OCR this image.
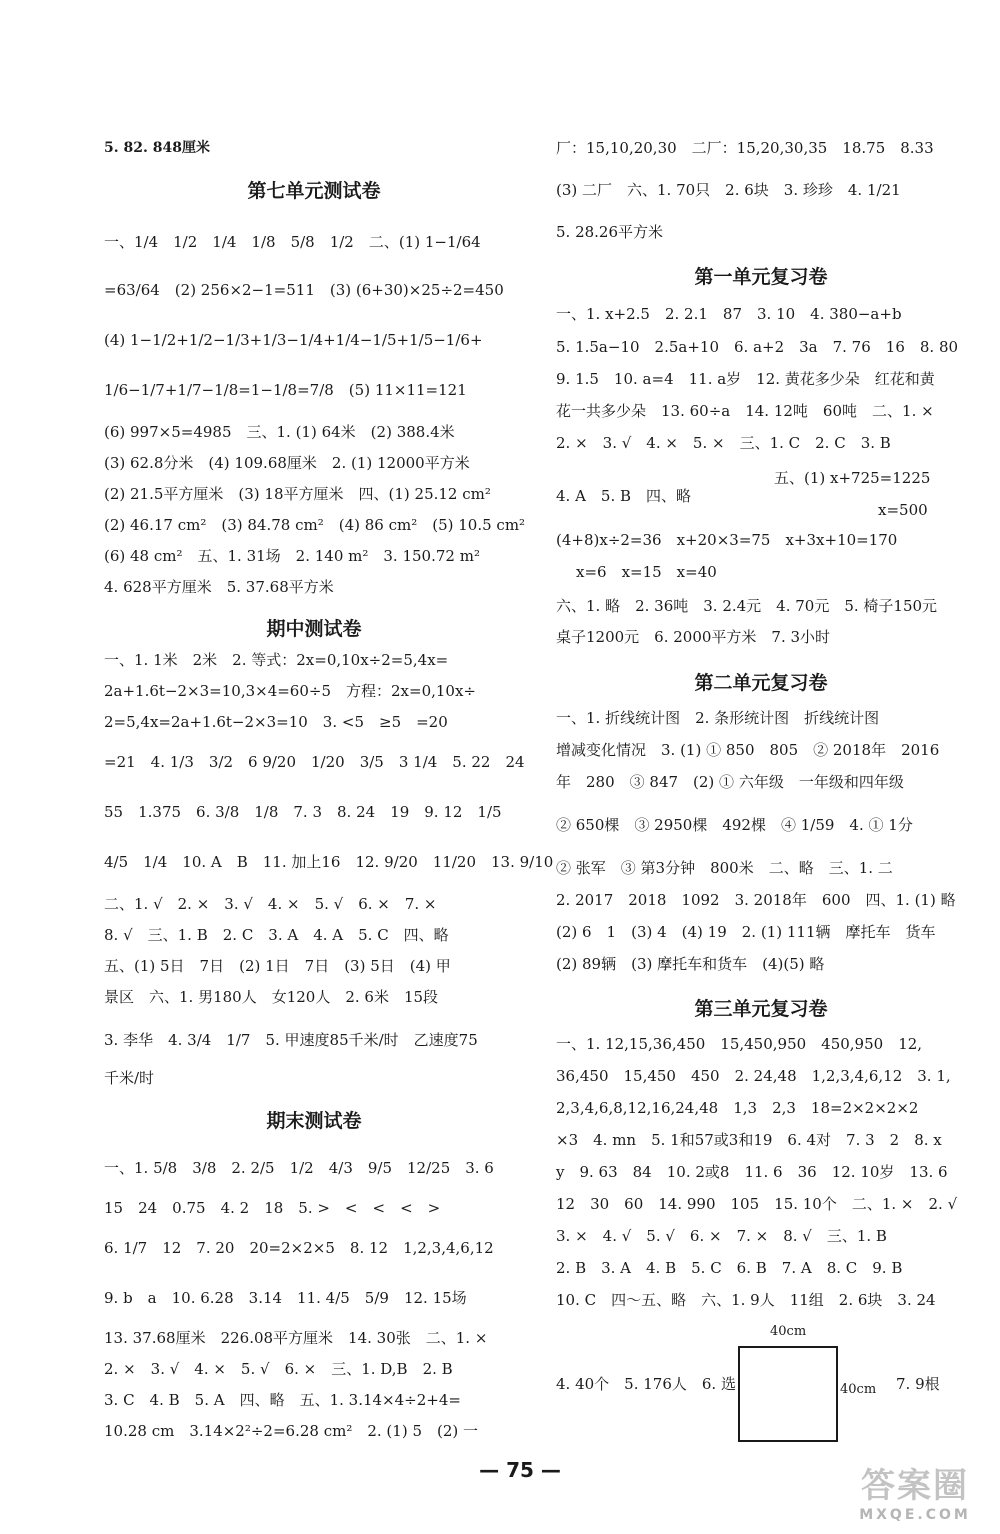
5. 82. 848厘米
第七单元测试卷
一、1/4　1/2　1/4　1/8　5/8　1/2　二、(1) 1−1/64
=63/64　(2) 256×2−1=511　(3) (6+30)×25÷2=450
(4) 1−1/2+1/2−1/3+1/3−1/4+1/4−1/5+1/5−1/6+
1/6−1/7+1/7−1/8=1−1/8=7/8　(5) 11×11=121
(6) 997×5=4985　三、1. (1) 64米　(2) 388.4米
(3) 62.8分米　(4) 109.68厘米　2. (1) 12000平方米
(2) 21.5平方厘米　(3) 18平方厘米　四、(1) 25.12 cm²
(2) 46.17 cm²　(3) 84.78 cm²　(4) 86 cm²　(5) 10.5 cm²
(6) 48 cm²　五、1. 31场　2. 140 m²　3. 150.72 m²
4. 628平方厘米　5. 37.68平方米
期中测试卷
一、1. 1米　2米　2. 等式：2x=0,10x÷2=5,4x=
2a+1.6t−2×3=10,3×4=60÷5　方程：2x=0,10x÷
2=5,4x=2a+1.6t−2×3=10　3. <5　≥5　=20
=21　4. 1/3　3/2　6 9/20　1/20　3/5　3 1/4　5. 22　24
55　1.375　6. 3/8　1/8　7. 3　8. 24　19　9. 12　1/5
4/5　1/4　10. A　B　11. 加上16　12. 9/20　11/20　13. 9/10
二、1. √　2. ×　3. √　4. ×　5. √　6. ×　7. ×
8. √　三、1. B　2. C　3. A　4. A　5. C　四、略
五、(1) 5日　7日　(2) 1日　7日　(3) 5日　(4) 甲
景区　六、1. 男180人　女120人　2. 6米　15段
3. 李华　4. 3/4　1/7　5. 甲速度85千米/时　乙速度75
千米/时
期末测试卷
一、1. 5/8　3/8　2. 2/5　1/2　4/3　9/5　12/25　3. 6
15　24　0.75　4. 2　18　5. >　<　<　<　>
6. 1/7　12　7. 20　20=2×2×5　8. 12　1,2,3,4,6,12
9. b　a　10. 6.28　3.14　11. 4/5　5/9　12. 15场
13. 37.68厘米　226.08平方厘米　14. 30张　二、1. ×
2. ×　3. √　4. ×　5. √　6. ×　三、1. D,B　2. B
3. C　4. B　5. A　四、略　五、1. 3.14×4÷2+4=
10.28 cm　3.14×2²÷2=6.28 cm²　2. (1) 5　(2) 一
厂：15,10,20,30　二厂：15,20,30,35　18.75　8.33
(3) 二厂　六、1. 70只　2. 6块　3. 珍珍　4. 1/21
5. 28.26平方米
第一单元复习卷
一、1. x+2.5　2. 2.1　87　3. 10　4. 380−a+b
5. 1.5a−10　2.5a+10　6. a+2　3a　7. 76　16　8. 80
9. 1.5　10. a=4　11. a岁　12. 黄花多少朵　红花和黄
花一共多少朵　13. 60÷a　14. 12吨　60吨　二、1. ×
2. ×　3. √　4. ×　5. ×　三、1. C　2. C　3. B
五、(1) x+725=1225
4. A　5. B　四、略
x=500
(4+8)x÷2=36　x+20×3=75　x+3x+10=170
x=6　x=15　x=40
六、1. 略　2. 36吨　3. 2.4元　4. 70元　5. 椅子150元
桌子1200元　6. 2000平方米　7. 3小时
第二单元复习卷
一、1. 折线统计图　2. 条形统计图　折线统计图
增减变化情况　3. (1) ① 850　805　② 2018年　2016
年　280　③ 847　(2) ① 六年级　一年级和四年级
② 650棵　③ 2950棵　492棵　④ 1/59　4. ① 1分
② 张军　③ 第3分钟　800米　二、略　三、1. 二
2. 2017　2018　1092　3. 2018年　600　四、1. (1) 略
(2) 6　1　(3) 4　(4) 19　2. (1) 111辆　摩托车　货车
(2) 89辆　(3) 摩托车和货车　(4)(5) 略
第三单元复习卷
一、1. 12,15,36,450　15,450,950　450,950　12,
36,450　15,450　450　2. 24,48　1,2,3,4,6,12　3. 1,
2,3,4,6,8,12,16,24,48　1,3　2,3　18=2×2×2×2
×3　4. mn　5. 1和57或3和19　6. 4对　7. 3　2　8. x
y　9. 63　84　10. 2或8　11. 6　36　12. 10岁　13. 6
12　30　60　14. 990　105　15. 10个　二、1. ×　2. √
3. ×　4. √　5. √　6. ×　7. ×　8. √　三、1. B
2. B　3. A　4. B　5. C　6. B　7. A　8. C　9. B
10. C　四～五、略　六、1. 9人　11组　2. 6块　3. 24
4. 40个　5. 176人　6. 选	7. 9根
40cm
40cm
— 75 —	答案圈
MXQE.COM
